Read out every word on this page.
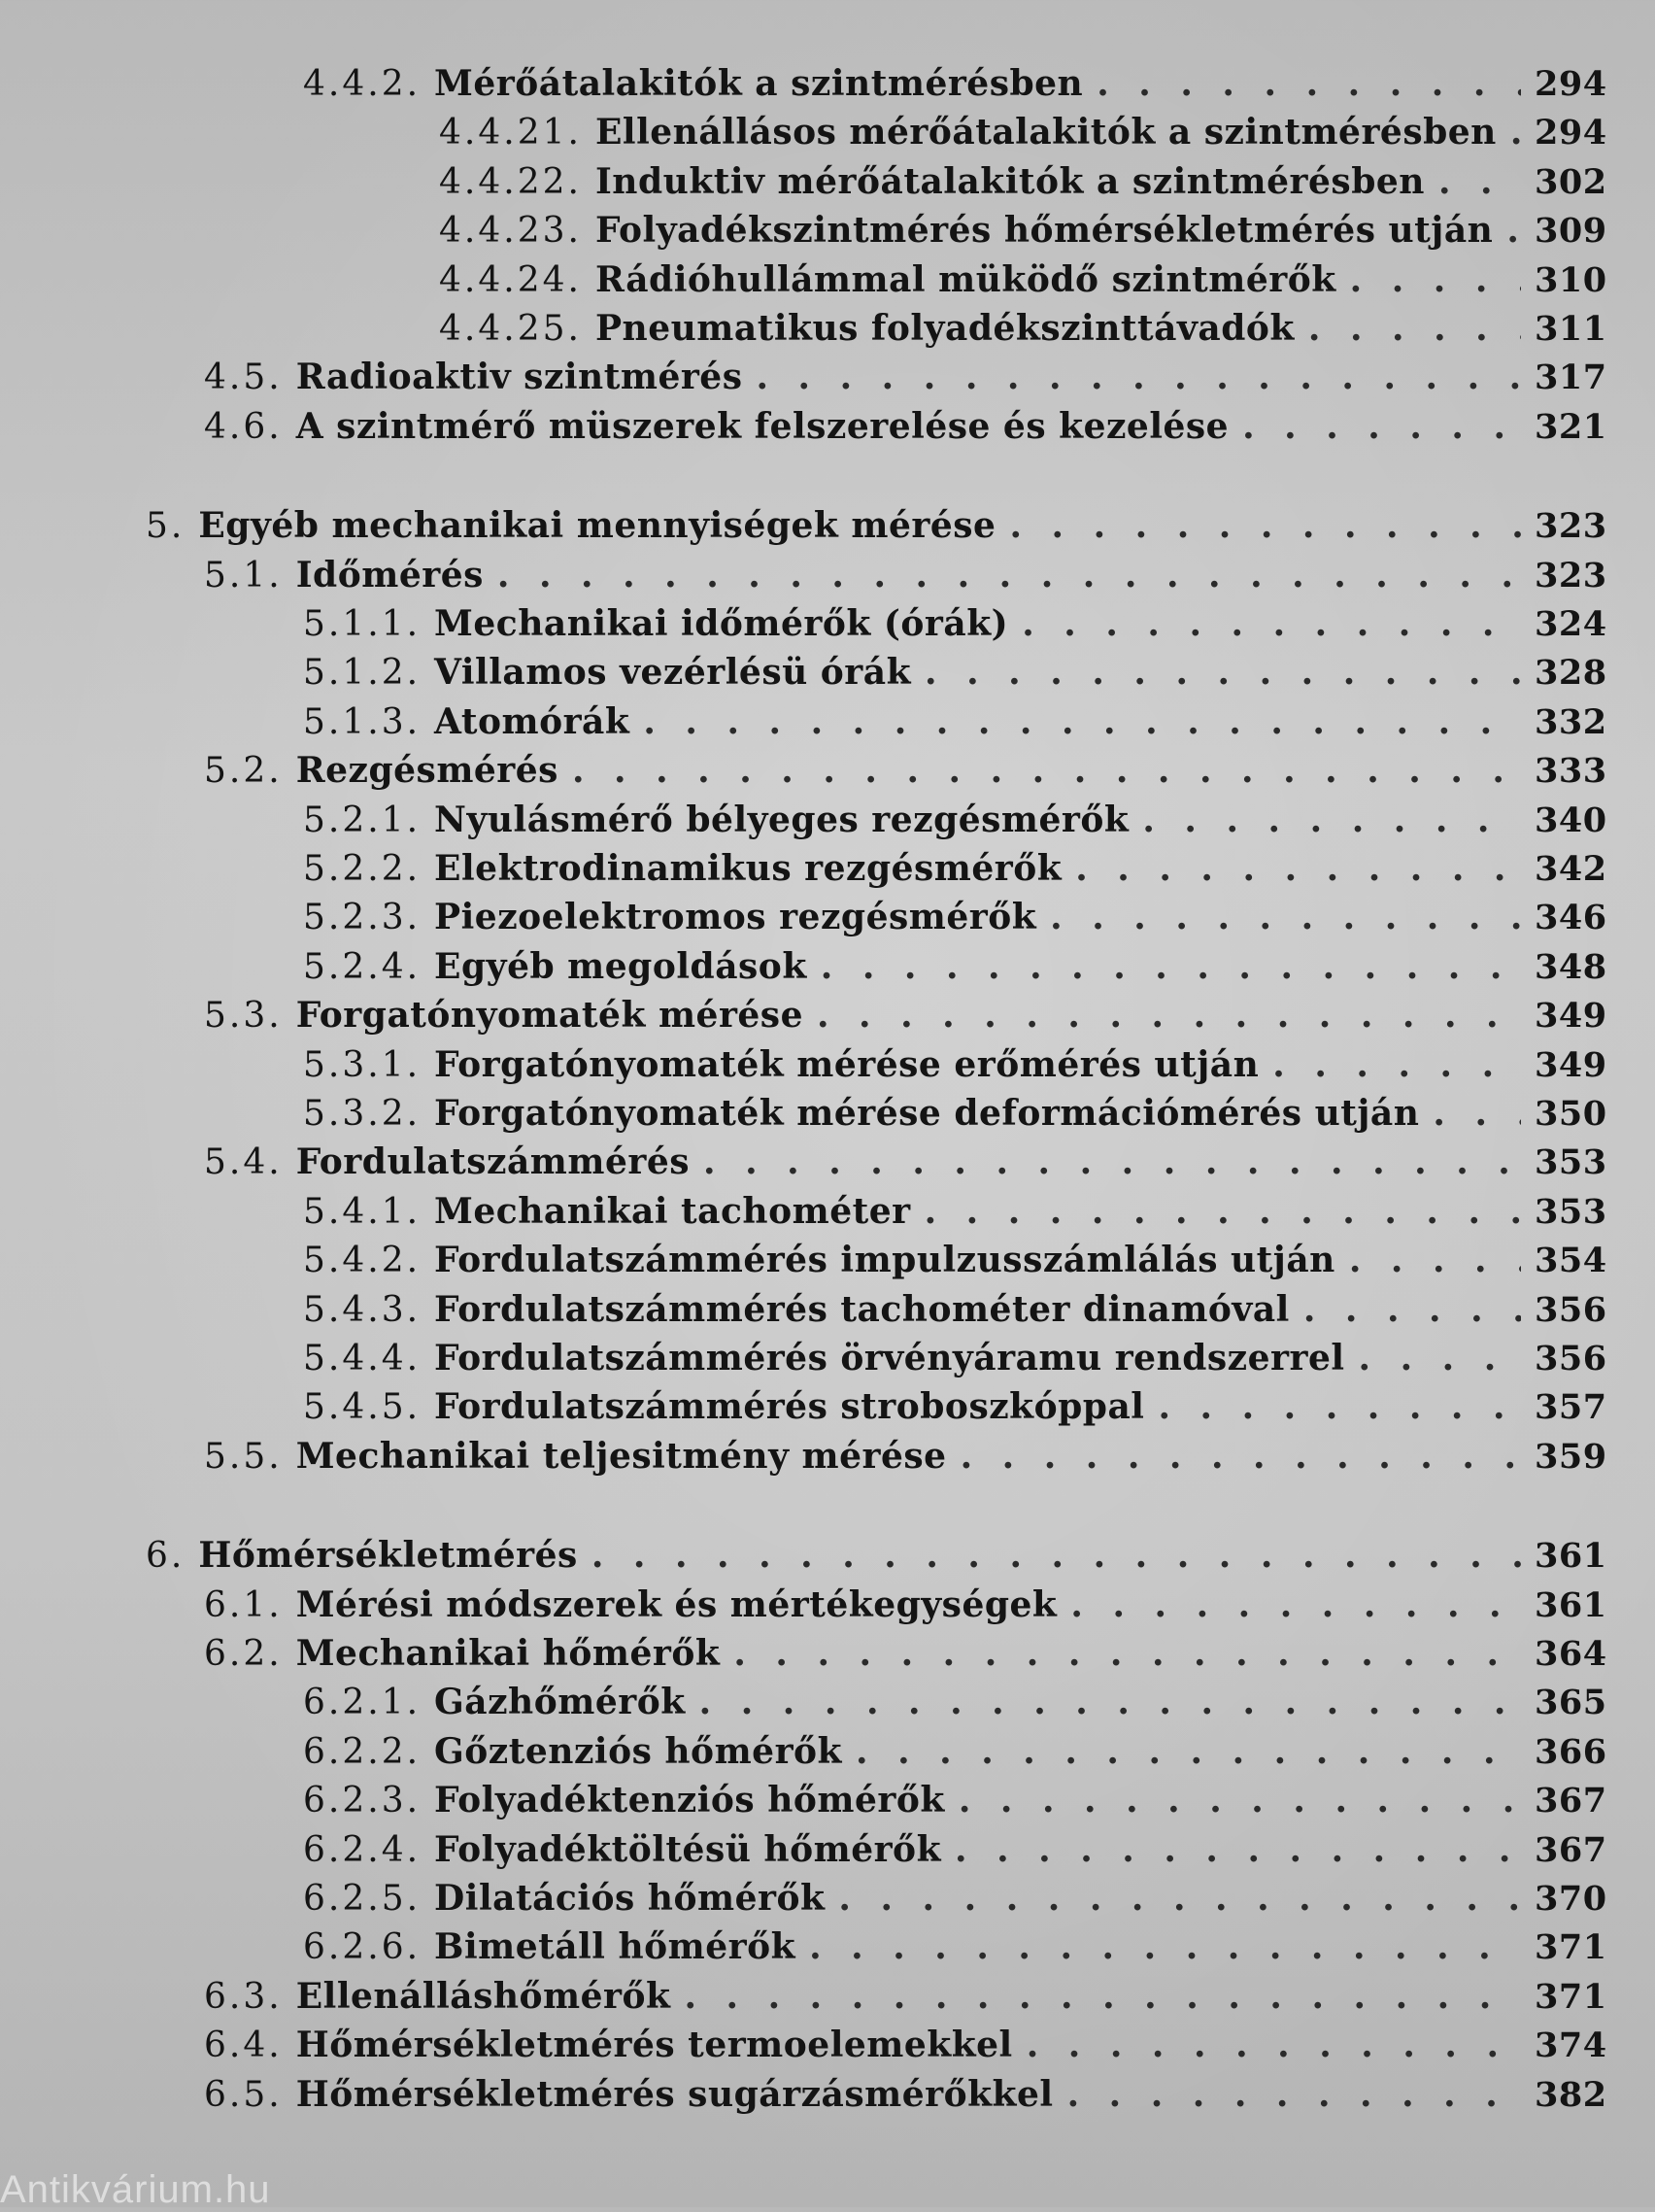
4.4.2. Mérőátalakitók a szintmérésben . . .	294
4.4.21. Ellenállásos mérőátalakitók a szintmérésben . . . 294
4.4.22. Induktiv mérőátalakitók a szintmérésben . . .	302
4.4.23. Folyadékszintmérés hőmérsékletmérés utján . . . 309
4.4.24. Rádióhullámmal müködő szintmérők . . .	310
4.4.25. Pneumatikus folyadékszinttávadók . . .	311
4.5. Radioaktiv szintmérés . . .	317
4.6. A szintmérő müszerek felszerelése és kezelése . . .	321
5. Egyéb mechanikai mennyiségek mérése . . .	323
5.1. Időmérés . . .	323
5.1.1. Mechanikai időmérők (órák) . . .	324
5.1.2. Villamos vezérlésü órák . . .	328
5.1.3. Atomórák . . .	332
5.2. Rezgésmérés . . .	333
5.2.1. Nyulásmérő bélyeges rezgésmérők . . .	340
5.2.2. Elektrodinamikus rezgésmérők . . .	342
5.2.3. Piezoelektromos rezgésmérők . . .	346
5.2.4. Egyéb megoldások . . .	348
5.3. Forgatónyomaték mérése . . .	349
5.3.1. Forgatónyomaték mérése erőmérés utján . . .	349
5.3.2. Forgatónyomaték mérése deformációmérés utján . . .	350
5.4. Fordulatszámmérés . . .	353
5.4.1. Mechanikai tachométer . . .	353
5.4.2. Fordulatszámmérés impulzusszámlálás utján . . .	354
5.4.3. Fordulatszámmérés tachométer dinamóval . . .	356
5.4.4. Fordulatszámmérés örvényáramu rendszerrel . . .	356
5.4.5. Fordulatszámmérés stroboszkóppal . . .	357
5.5. Mechanikai teljesitmény mérése . . .	359
6. Hőmérsékletmérés . . .	361
6.1. Mérési módszerek és mértékegységek . . .	361
6.2. Mechanikai hőmérők . . .	364
6.2.1. Gázhőmérők . . .	365
6.2.2. Gőztenziós hőmérők . . .	366
6.2.3. Folyadéktenziós hőmérők . . .	367
6.2.4. Folyadéktöltésü hőmérők . . .	367
6.2.5. Dilatációs hőmérők . . .	370
6.2.6. Bimetáll hőmérők . . .	371
6.3. Ellenálláshőmérők . . .	371
6.4. Hőmérsékletmérés termoelemekkel . . .	374
6.5. Hőmérsékletmérés sugárzásmérőkkel . . .	382
Antikvárium.hu
